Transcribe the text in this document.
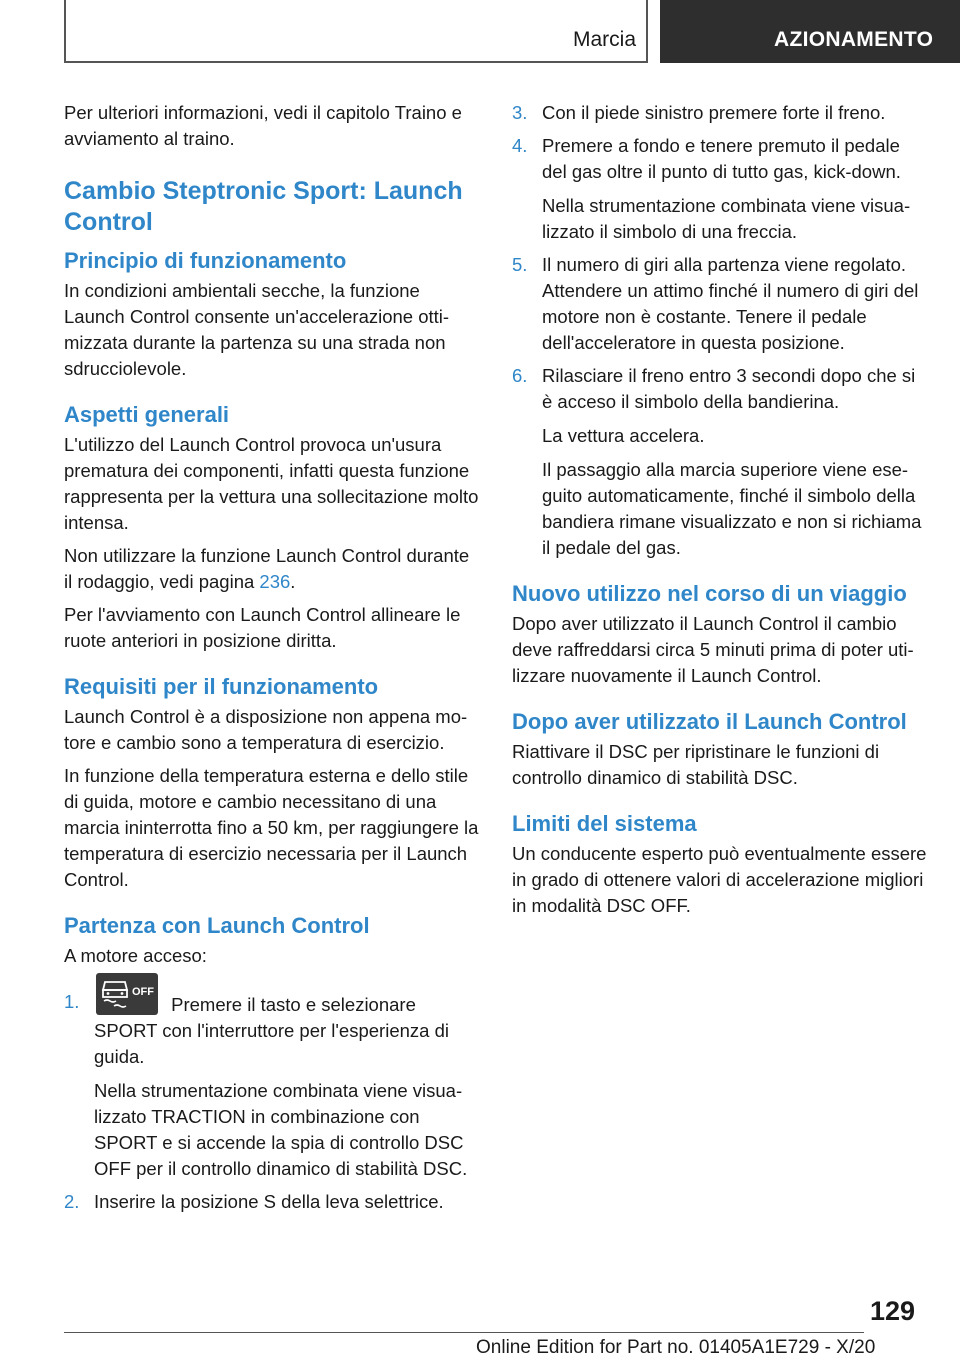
Marcia	AZIONAMENTO

Per ulteriori informazioni, vedi il capitolo Traino e avviamento al traino.

Cambio Steptronic Sport: Launch Control
Principio di funzionamento

In condizioni ambientali secche, la funzione Launch Control consente un'accelerazione ottimizzata durante la partenza su una strada non sdrucciolevole.

Aspetti generali

L'utilizzo del Launch Control provoca un'usura prematura dei componenti, infatti questa funzione rappresenta per la vettura una sollecitazione molto intensa.

Non utilizzare la funzione Launch Control durante il rodaggio, vedi pagina 236.

Per l'avviamento con Launch Control allineare le ruote anteriori in posizione diritta.

Requisiti per il funzionamento

Launch Control è a disposizione non appena motore e cambio sono a temperatura di esercizio.

In funzione della temperatura esterna e dello stile di guida, motore e cambio necessitano di una marcia ininterrotta fino a 50 km, per raggiungere la temperatura di esercizio necessaria per il Launch Control.

Partenza con Launch Control

A motore acceso:

1.	OFF
Premere il tasto e selezionare SPORT con l'interruttore per l'esperienza di guida.

Nella strumentazione combinata viene visualizzato TRACTION in combinazione con SPORT e si accende la spia di controllo DSC OFF per il controllo dinamico di stabilità DSC.

2. Inserire la posizione S della leva selettrice.
3. Con il piede sinistro premere forte il freno.
4. Premere a fondo e tenere premuto il pedale del gas oltre il punto di tutto gas, kick-down.

Nella strumentazione combinata viene visualizzato il simbolo di una freccia.

5. Il numero di giri alla partenza viene regolato. Attendere un attimo finché il numero di giri del motore non è costante. Tenere il pedale dell'acceleratore in questa posizione.
6. Rilasciare il freno entro 3 secondi dopo che si è acceso il simbolo della bandierina.

La vettura accelera.

Il passaggio alla marcia superiore viene eseguito automaticamente, finché il simbolo della bandiera rimane visualizzato e non si richiama il pedale del gas.

Nuovo utilizzo nel corso di un viaggio

Dopo aver utilizzato il Launch Control il cambio deve raffreddarsi circa 5 minuti prima di poter utilizzare nuovamente il Launch Control.

Dopo aver utilizzato il Launch Control

Riattivare il DSC per ripristinare le funzioni di controllo dinamico di stabilità DSC.

Limiti del sistema

Un conducente esperto può eventualmente essere in grado di ottenere valori di accelerazione migliori in modalità DSC OFF.

129
Online Edition for Part no. 01405A1E729 - X/20
